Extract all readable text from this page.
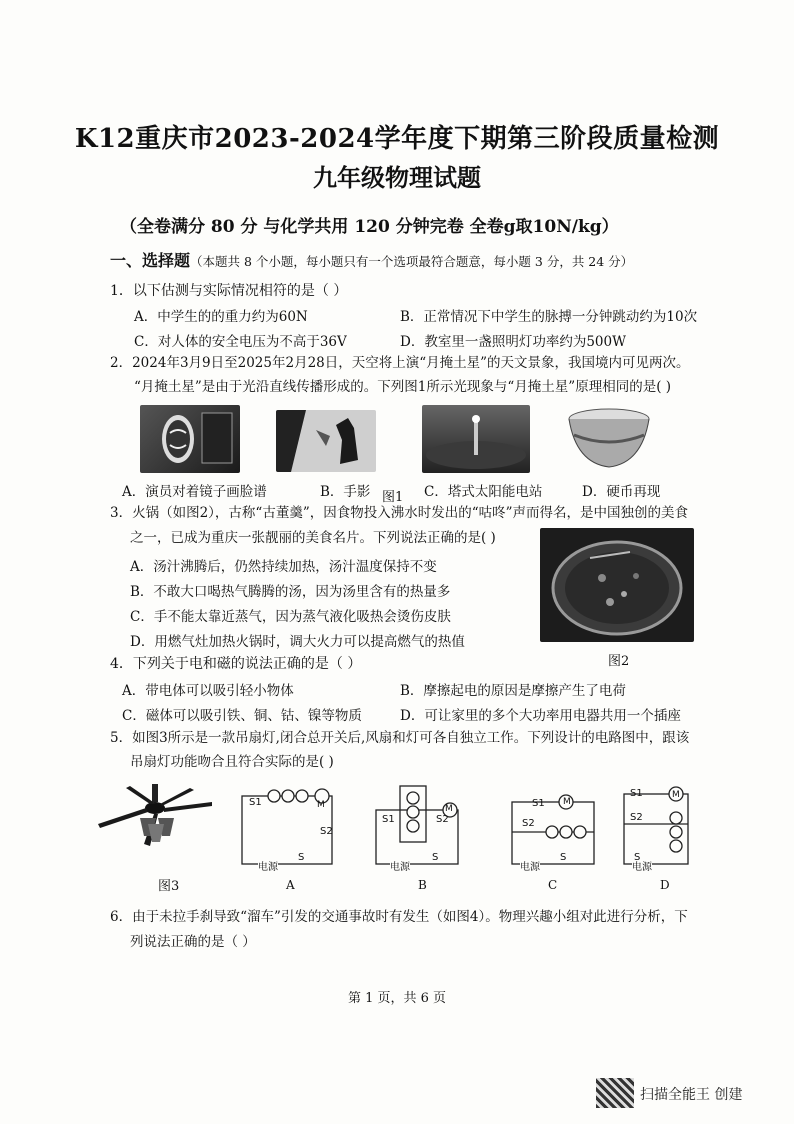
K12重庆市2023-2024学年度下期第三阶段质量检测
九年级物理试题
（全卷满分 80 分 与化学共用 120 分钟完卷 全卷g取10N/kg）
一、选择题（本题共 8 个小题，每小题只有一个选项最符合题意，每小题 3 分，共 24 分）
1．以下估测与实际情况相符的是（ ）
A．中学生的的重力约为60N	B．正常情况下中学生的脉搏一分钟跳动约为10次
C．对人体的安全电压为不高于36V	D．教室里一盏照明灯功率约为500W
2．2024年3月9日至2025年2月28日，天空将上演“月掩土星”的天文景象，我国境内可见两次。
“月掩土星”是由于光沿直线传播形成的。下列图1所示光现象与“月掩土星”原理相同的是( )
A．演员对着镜子画脸谱	B．手影 图1 C．塔式太阳能电站	D．硬币再现
3．火锅（如图2），古称“古董羹”，因食物投入沸水时发出的“咕咚”声而得名，是中国独创的美食
之一，已成为重庆一张靓丽的美食名片。下列说法正确的是( )
A．汤汁沸腾后，仍然持续加热，汤汁温度保持不变
B．不敢大口喝热气腾腾的汤，因为汤里含有的热量多
C．手不能太靠近蒸气，因为蒸气液化吸热会烫伤皮肤
D．用燃气灶加热火锅时，调大火力可以提高燃气的热值
图2
4．下列关于电和磁的说法正确的是（ ）
A．带电体可以吸引轻小物体	B．摩擦起电的原因是摩擦产生了电荷
C．磁体可以吸引铁、铜、钴、镍等物质	D．可让家里的多个大功率用电器共用一个插座
5．如图3所示是一款吊扇灯,闭合总开关后,风扇和灯可各自独立工作。下列设计的电路图中，跟该
吊扇灯功能吻合且符合实际的是( )
图3
S1	M
S2
电源
S
A
S1	S2
M
电源
S
B
S1 M
S2
电源
S
C
S1	M
S2
电源
S
D
6．由于未拉手刹导致“溜车”引发的交通事故时有发生（如图4）。物理兴趣小组对此进行分析，下
列说法正确的是（ ）
第 1 页，共 6 页
扫描全能王 创建
